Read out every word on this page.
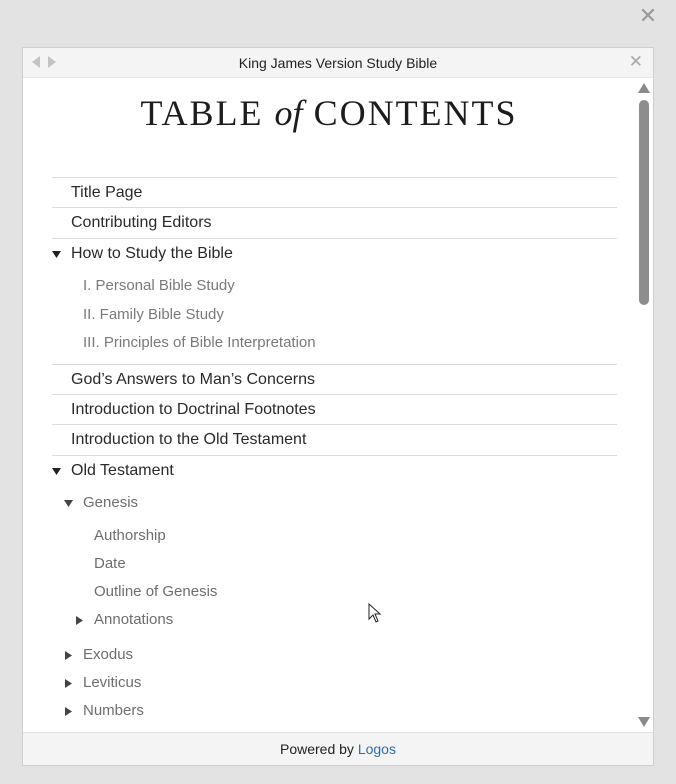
✕
King James Version Study Bible	✕
TABLE of CONTENTS
Title Page
Contributing Editors
How to Study the Bible
I. Personal Bible Study
II. Family Bible Study
III. Principles of Bible Interpretation
God’s Answers to Man’s Concerns
Introduction to Doctrinal Footnotes
Introduction to the Old Testament
Old Testament
Genesis
Authorship
Date
Outline of Genesis
Annotations
Exodus
Leviticus
Numbers
Powered by Logos
